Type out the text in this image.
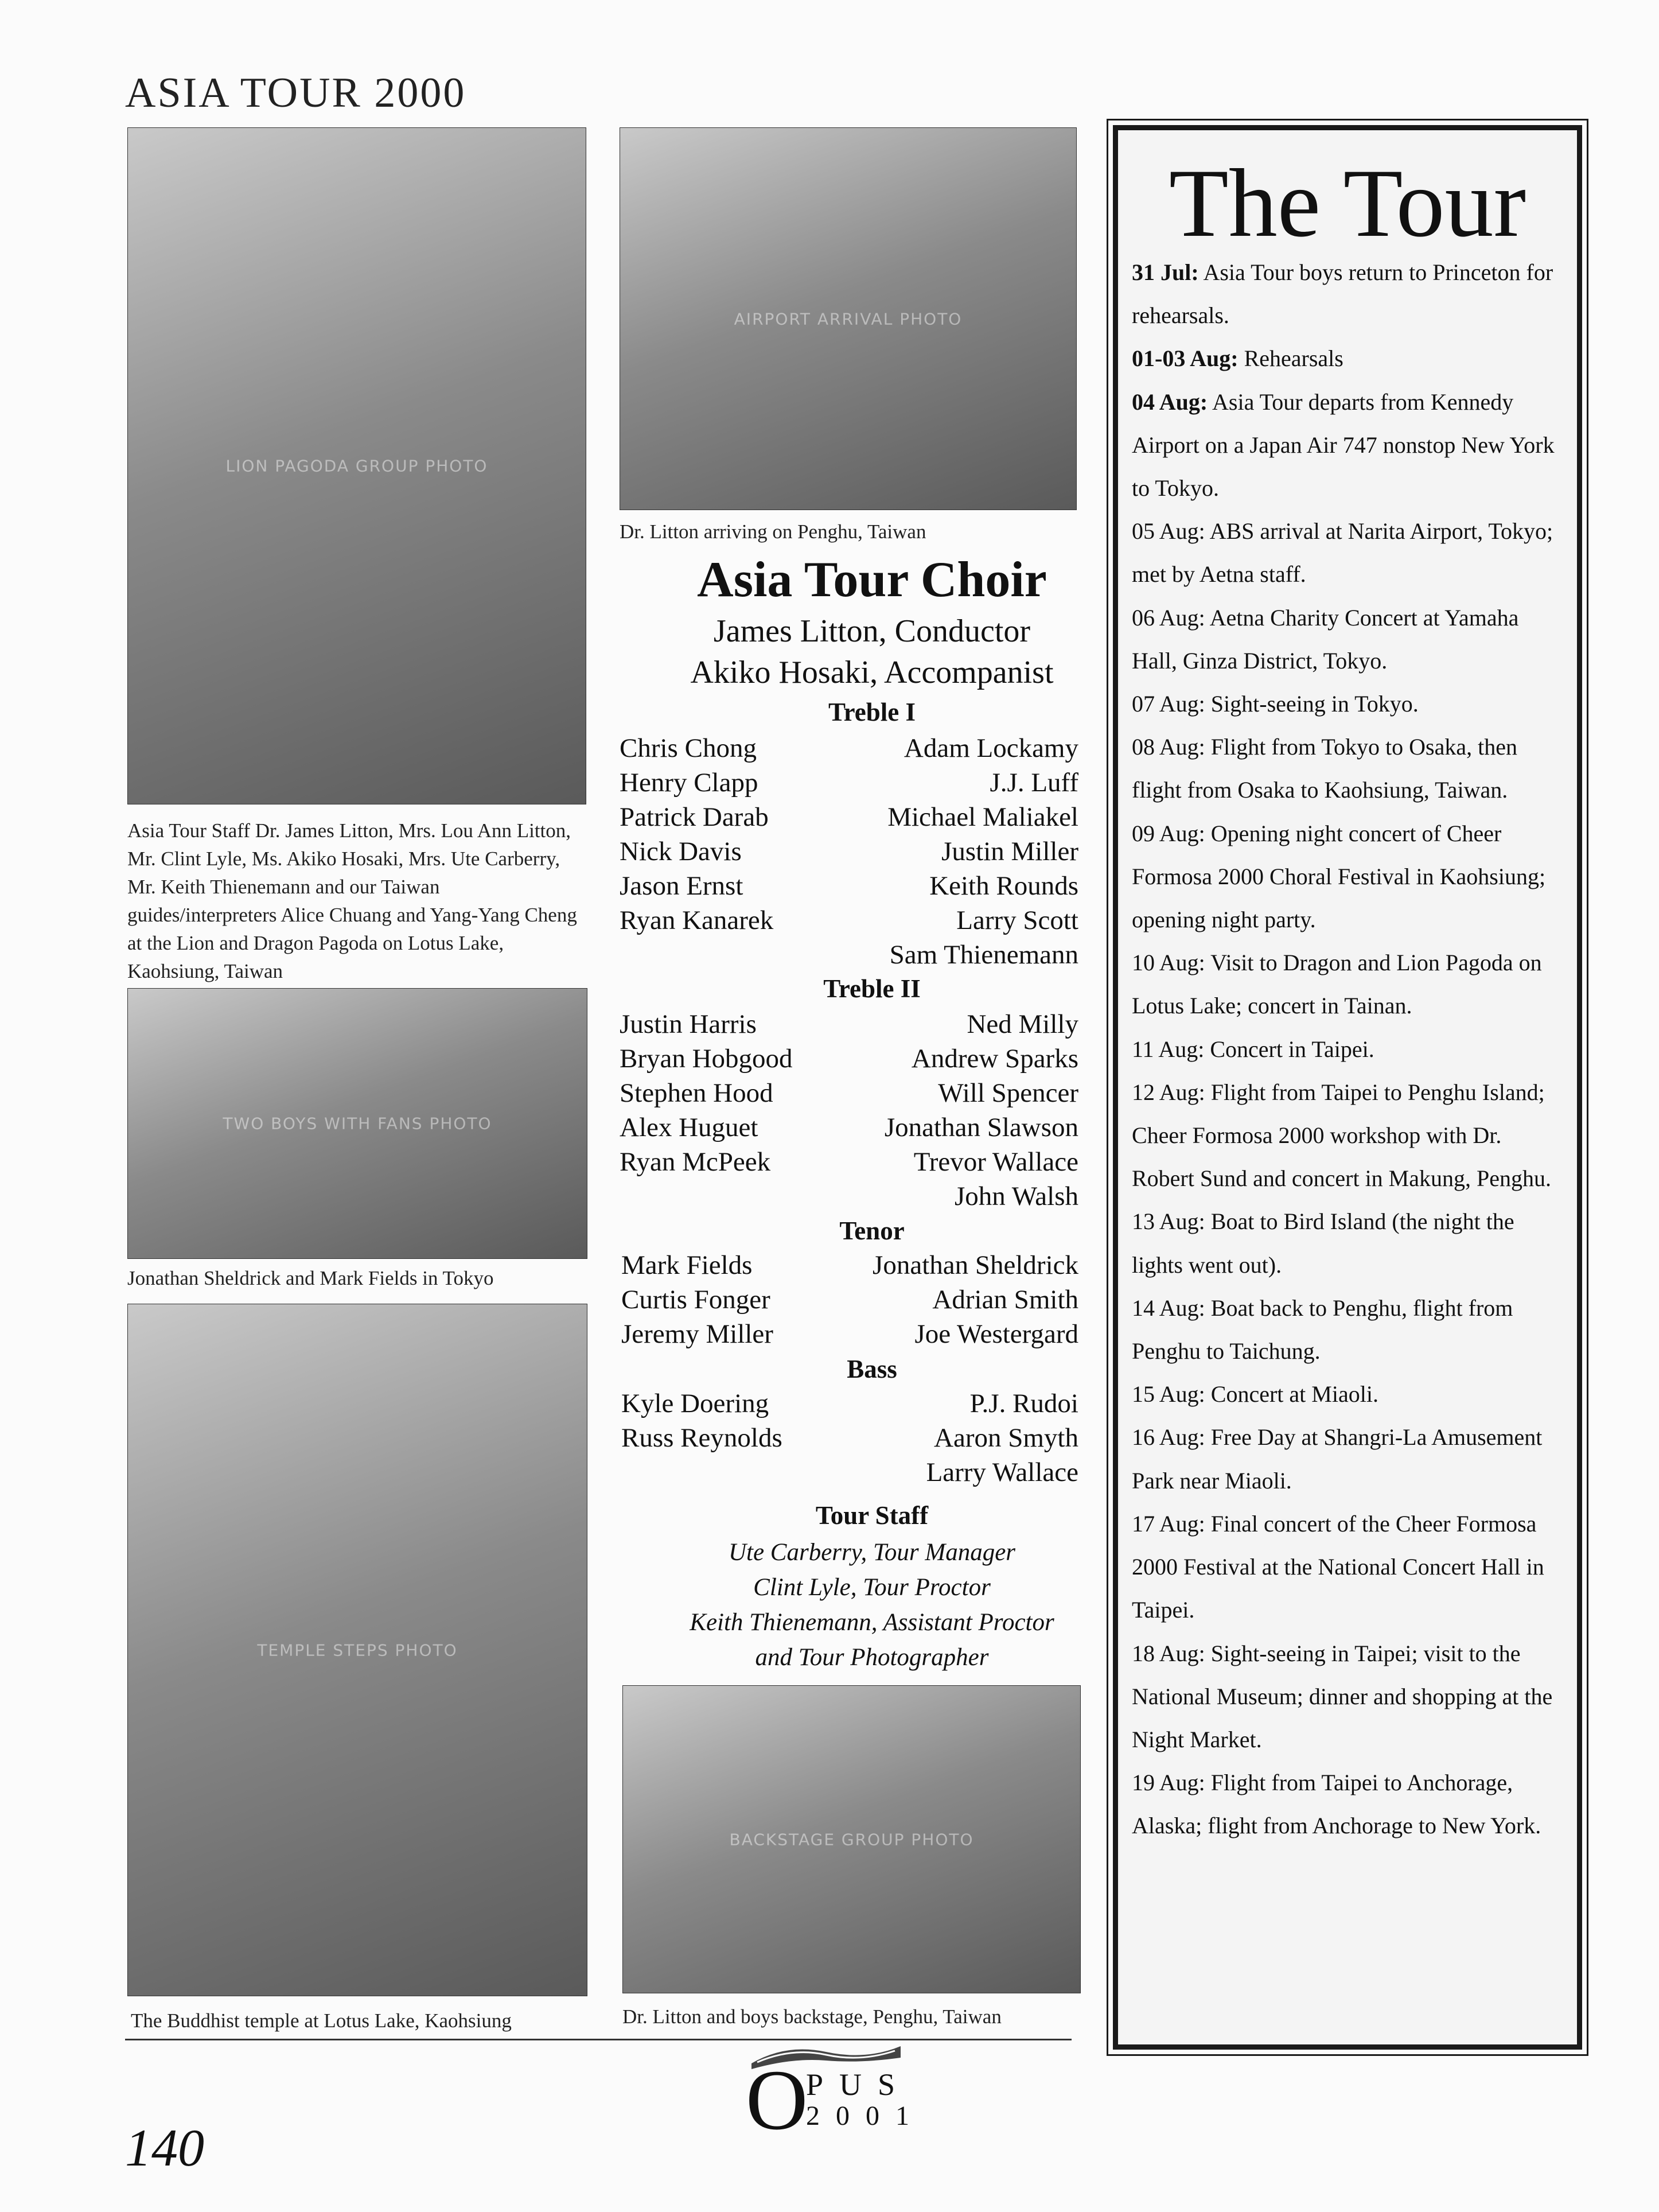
ASIA TOUR 2000
LION PAGODA GROUP PHOTO
Asia Tour Staff Dr. James Litton, Mrs. Lou Ann Litton, Mr. Clint Lyle, Ms. Akiko Hosaki, Mrs. Ute Carberry, Mr. Keith Thienemann and our Taiwan guides/interpreters Alice Chuang and Yang-Yang Cheng at the Lion and Dragon Pagoda on Lotus Lake, Kaohsiung, Taiwan
TWO BOYS WITH FANS PHOTO
Jonathan Sheldrick and Mark Fields in Tokyo
TEMPLE STEPS PHOTO
The Buddhist temple at Lotus Lake, Kaohsiung
AIRPORT ARRIVAL PHOTO
Dr. Litton arriving on Penghu, Taiwan
Asia Tour Choir
James Litton, Conductor
Akiko Hosaki, Accompanist
Treble I
Chris Chong
Henry Clapp
Patrick Darab
Nick Davis
Jason Ernst
Ryan Kanarek
Adam Lockamy
J.J. Luff
Michael Maliakel
Justin Miller
Keith Rounds
Larry Scott
Sam Thienemann
Treble II
Justin Harris
Bryan Hobgood
Stephen Hood
Alex Huguet
Ryan McPeek
Ned Milly
Andrew Sparks
Will Spencer
Jonathan Slawson
Trevor Wallace
John Walsh
Tenor
Mark Fields
Curtis Fonger
Jeremy Miller
Jonathan Sheldrick
Adrian Smith
Joe Westergard
Bass
Kyle Doering
Russ Reynolds
P.J. Rudoi
Aaron Smyth
Larry Wallace
Tour Staff
Ute Carberry, Tour Manager
Clint Lyle, Tour Proctor
Keith Thienemann, Assistant Proctor
and Tour Photographer
BACKSTAGE GROUP PHOTO
Dr. Litton and boys backstage, Penghu, Taiwan
The Tour
31 Jul: Asia Tour boys return to Princeton for rehearsals.
01-03 Aug: Rehearsals
04 Aug: Asia Tour departs from Kennedy Airport on a Japan Air 747 nonstop New York to Tokyo.
05 Aug: ABS arrival at Narita Airport, Tokyo; met by Aetna staff.
06 Aug: Aetna Charity Concert at Yamaha Hall, Ginza District, Tokyo.
07 Aug: Sight-seeing in Tokyo.
08 Aug: Flight from Tokyo to Osaka, then flight from Osaka to Kaohsiung, Taiwan.
09 Aug: Opening night concert of Cheer Formosa 2000 Choral Festival in Kaohsiung; opening night party.
10 Aug: Visit to Dragon and Lion Pagoda on Lotus Lake; concert in Tainan.
11 Aug: Concert in Taipei.
12 Aug: Flight from Taipei to Penghu Island; Cheer Formosa 2000 workshop with Dr. Robert Sund and concert in Makung, Penghu.
13 Aug: Boat to Bird Island (the night the lights went out).
14 Aug: Boat back to Penghu, flight from Penghu to Taichung.
15 Aug: Concert at Miaoli.
16 Aug: Free Day at Shangri-La Amusement Park near Miaoli.
17 Aug: Final concert of the Cheer Formosa 2000 Festival at the National Concert Hall in Taipei.
18 Aug: Sight-seeing in Taipei; visit to the National Museum; dinner and shopping at the Night Market.
19 Aug: Flight from Taipei to Anchorage, Alaska; flight from Anchorage to New York.
O
PUS
2001
140
